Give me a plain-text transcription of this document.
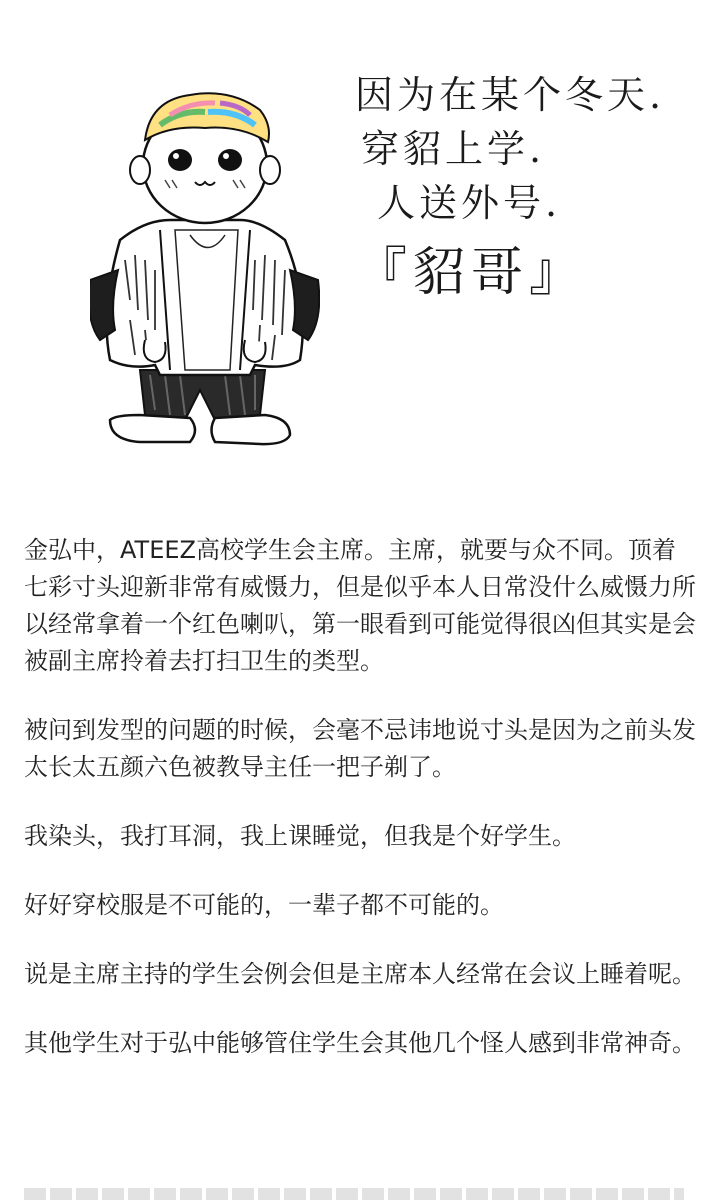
因为在某个冬天.
穿貂上学.
人送外号.
『貂哥』

金弘中，ATEEZ高校学生会主席。主席，就要与众不同。顶着七彩寸头迎新非常有威慑力，但是似乎本人日常没什么威慑力所以经常拿着一个红色喇叭，第一眼看到可能觉得很凶但其实是会被副主席拎着去打扫卫生的类型。

被问到发型的问题的时候，会毫不忌讳地说寸头是因为之前头发太长太五颜六色被教导主任一把子剃了。

我染头，我打耳洞，我上课睡觉，但我是个好学生。

好好穿校服是不可能的，一辈子都不可能的。

说是主席主持的学生会例会但是主席本人经常在会议上睡着呢。

其他学生对于弘中能够管住学生会其他几个怪人感到非常神奇。
